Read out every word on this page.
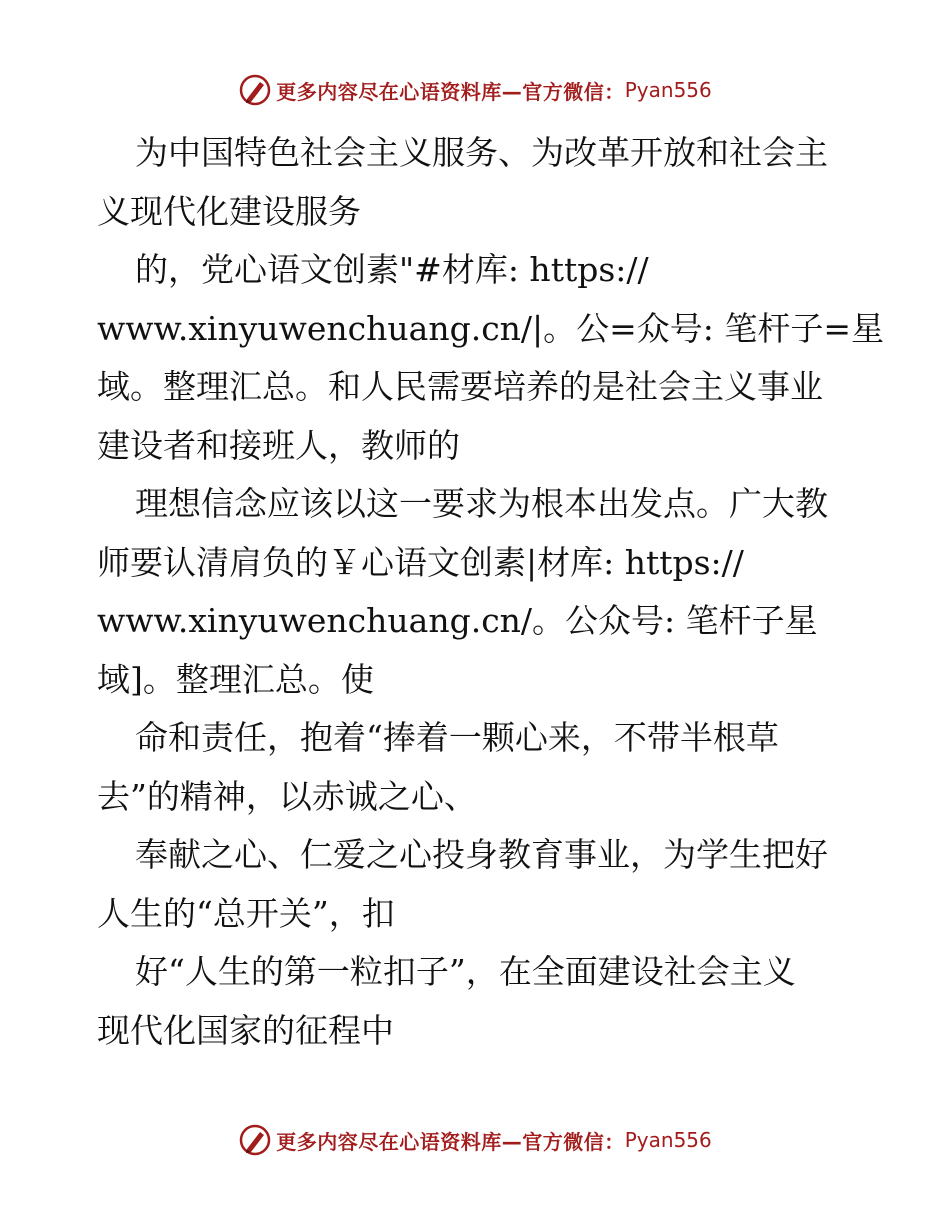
更多内容尽在心语资料库—官方微信： Pyan556
为中国特色社会主义服务、为改革开放和社会主
义现代化建设服务
的，党心语文创素"#材库: https://
www.xinyuwenchuang.cn/|。公=众号: 笔杆子=星
域。整理汇总。和人民需要培养的是社会主义事业
建设者和接班人，教师的
理想信念应该以这一要求为根本出发点。广大教
师要认清肩负的￥心语文创素|材库: https://
www.xinyuwenchuang.cn/。公众号: 笔杆子星
域]。整理汇总。使
命和责任，抱着“捧着一颗心来，不带半根草
去”的精神，以赤诚之心、
奉献之心、仁爱之心投身教育事业，为学生把好
人生的“总开关”，扣
好“人生的第一粒扣子”，在全面建设社会主义
现代化国家的征程中
更多内容尽在心语资料库—官方微信： Pyan556
